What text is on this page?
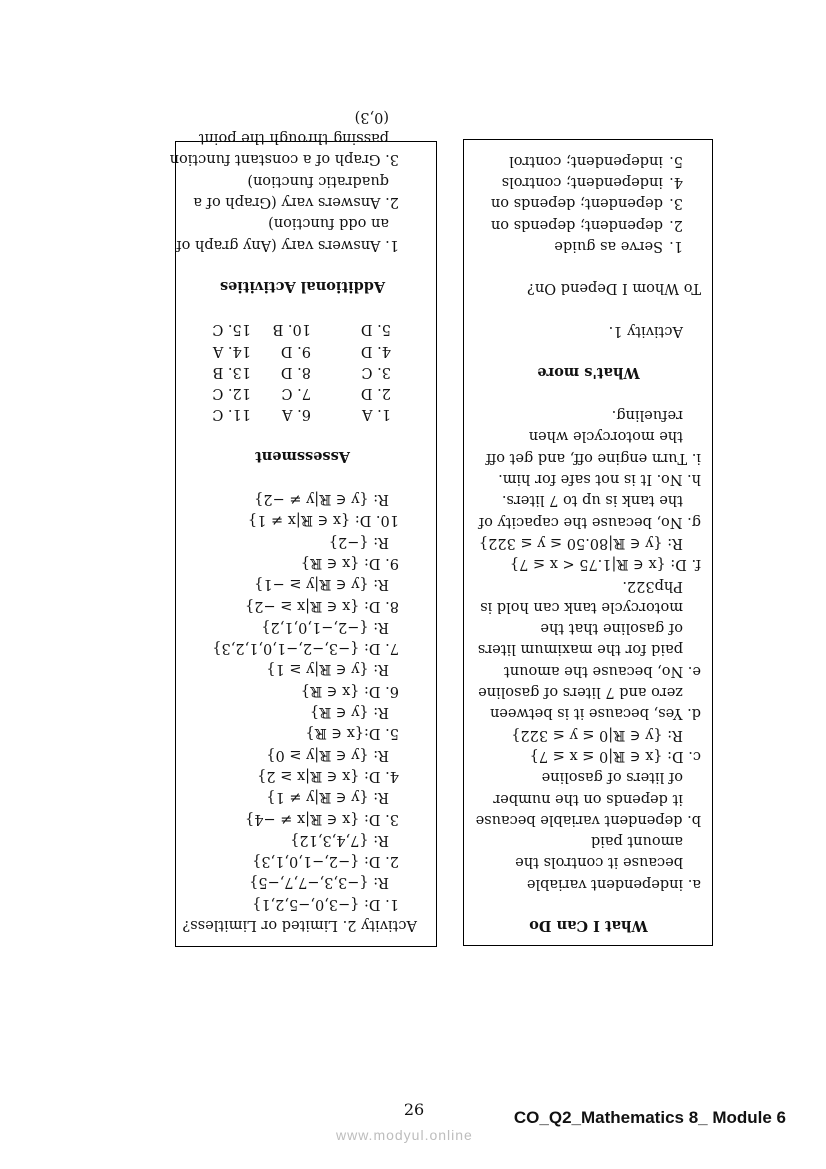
Activity 2. Limited or Limitless?
1. D: {−3,0,−5,2,1}
R: {−3,3,−7,7,−5}
2. D: {−2,−1,0,1,3}
R: {7,4,3,12}
3. D: {x ∈ ℝ|x ≠ −4}
R: {y ∈ ℝ|y ≠ 1}
4. D: {x ∈ ℝ|x ≥ 2}
R: {y ∈ ℝ|y ≥ 0}
5. D:{x ∈ ℝ}
R: {y ∈ ℝ}
6. D: {x ∈ ℝ}
R: {y ∈ ℝ|y ≥ 1}
7. D: {−3,−2,−1,0,1,2,3}
R: {−2,−1,0,1,2}
8. D: {x ∈ ℝ|x ≥ −2}
R: {y ∈ ℝ|y ≥ −1}
9. D: {x ∈ ℝ}
R: {−2}
10. D: {x ∈ ℝ|x ≠ 1}
R: {y ∈ ℝ|y ≠ −2}
Assessment
1. A
6. A
11. C
2. D
7. C
12. C
3. C
8. D
13. B
4. D
9. D
14. A
5. D
10. B
15. C
Additional Activities
1. Answers vary (Any graph of
an odd function)
2. Answers vary (Graph of a
quadratic function)
3. Graph of a constant function
passing through the point
(0,3)
What I Can Do
a. independent variable
because it controls the
amount paid
b. dependent variable because
it depends on the number
of liters of gasoline
c. D: {x ∈ ℝ|0 ≤ x ≤ 7}
R: {y ∈ ℝ|0 ≤ y ≤ 322}
d. Yes, because it is between
zero and 7 liters of gasoline
e. No, because the amount
paid for the maximum liters
of gasoline that the
motorcycle tank can hold is
Php322.
f. D: {x ∈ ℝ|1.75 < x ≤ 7}
R: {y ∈ ℝ|80.50 ≤ y ≤ 322}
g. No, because the capacity of
the tank is up to 7 liters.
h. No. It is not safe for him.
i. Turn engine off, and get off
the motorcycle when
refueling.
What's more
Activity 1.
To Whom I Depend On?
1.
Serve as guide
2.
dependent; depends on
3.
dependent; depends on
4.
independent; controls
5.
independent; control
26	CO_Q2_Mathematics 8_ Module 6
www.modyul.online
